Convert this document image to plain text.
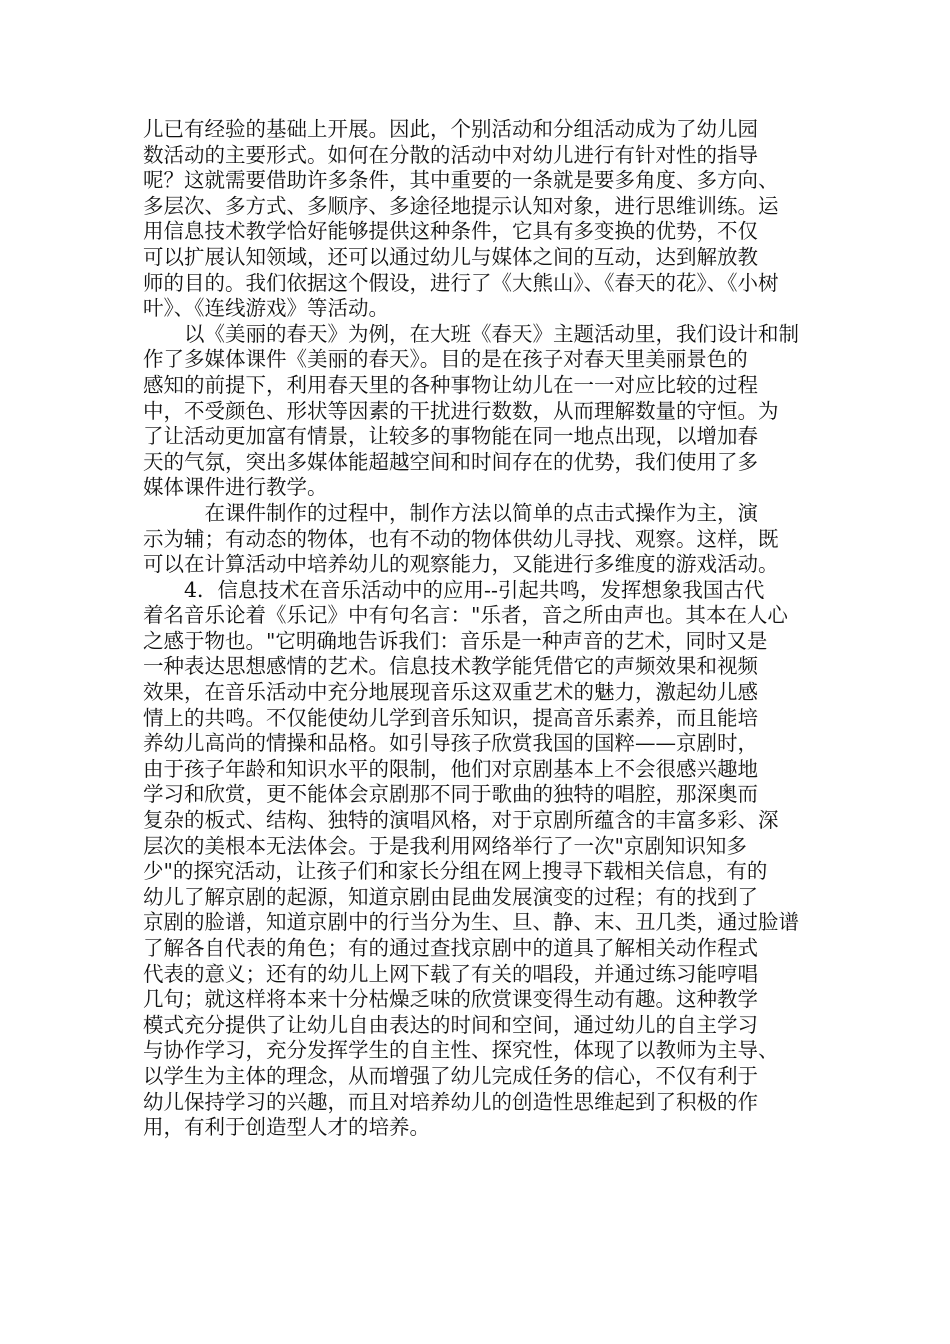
儿已有经验的基础上开展。因此，个别活动和分组活动成为了幼儿园
数活动的主要形式。如何在分散的活动中对幼儿进行有针对性的指导
呢？这就需要借助许多条件，其中重要的一条就是要多角度、多方向、
多层次、多方式、多顺序、多途径地提示认知对象，进行思维训练。运
用信息技术教学恰好能够提供这种条件，它具有多变换的优势，不仅
可以扩展认知领域，还可以通过幼儿与媒体之间的互动，达到解放教
师的目的。我们依据这个假设，进行了《大熊山》、《春天的花》、《小树
叶》、《连线游戏》等活动。
　　以《美丽的春天》为例，在大班《春天》主题活动里，我们设计和制
作了多媒体课件《美丽的春天》。目的是在孩子对春天里美丽景色的
感知的前提下，利用春天里的各种事物让幼儿在一一对应比较的过程
中，不受颜色、形状等因素的干扰进行数数，从而理解数量的守恒。为
了让活动更加富有情景，让较多的事物能在同一地点出现，以增加春
天的气氛，突出多媒体能超越空间和时间存在的优势，我们使用了多
媒体课件进行教学。
　　　在课件制作的过程中，制作方法以简单的点击式操作为主，演
示为辅；有动态的物体，也有不动的物体供幼儿寻找、观察。这样，既
可以在计算活动中培养幼儿的观察能力，又能进行多维度的游戏活动。
　　4．信息技术在音乐活动中的应用--引起共鸣，发挥想象我国古代
着名音乐论着《乐记》中有句名言："乐者，音之所由声也。其本在人心
之感于物也。"它明确地告诉我们：音乐是一种声音的艺术，同时又是
一种表达思想感情的艺术。信息技术教学能凭借它的声频效果和视频
效果，在音乐活动中充分地展现音乐这双重艺术的魅力，激起幼儿感
情上的共鸣。不仅能使幼儿学到音乐知识，提高音乐素养，而且能培
养幼儿高尚的情操和品格。如引导孩子欣赏我国的国粹——京剧时，
由于孩子年龄和知识水平的限制，他们对京剧基本上不会很感兴趣地
学习和欣赏，更不能体会京剧那不同于歌曲的独特的唱腔，那深奥而
复杂的板式、结构、独特的演唱风格，对于京剧所蕴含的丰富多彩、深
层次的美根本无法体会。于是我利用网络举行了一次"京剧知识知多
少"的探究活动，让孩子们和家长分组在网上搜寻下载相关信息，有的
幼儿了解京剧的起源，知道京剧由昆曲发展演变的过程；有的找到了
京剧的脸谱，知道京剧中的行当分为生、旦、静、末、丑几类，通过脸谱
了解各自代表的角色；有的通过查找京剧中的道具了解相关动作程式
代表的意义；还有的幼儿上网下载了有关的唱段，并通过练习能哼唱
几句；就这样将本来十分枯燥乏味的欣赏课变得生动有趣。这种教学
模式充分提供了让幼儿自由表达的时间和空间，通过幼儿的自主学习
与协作学习，充分发挥学生的自主性、探究性，体现了以教师为主导、
以学生为主体的理念，从而增强了幼儿完成任务的信心，不仅有利于
幼儿保持学习的兴趣，而且对培养幼儿的创造性思维起到了积极的作
用，有利于创造型人才的培养。
